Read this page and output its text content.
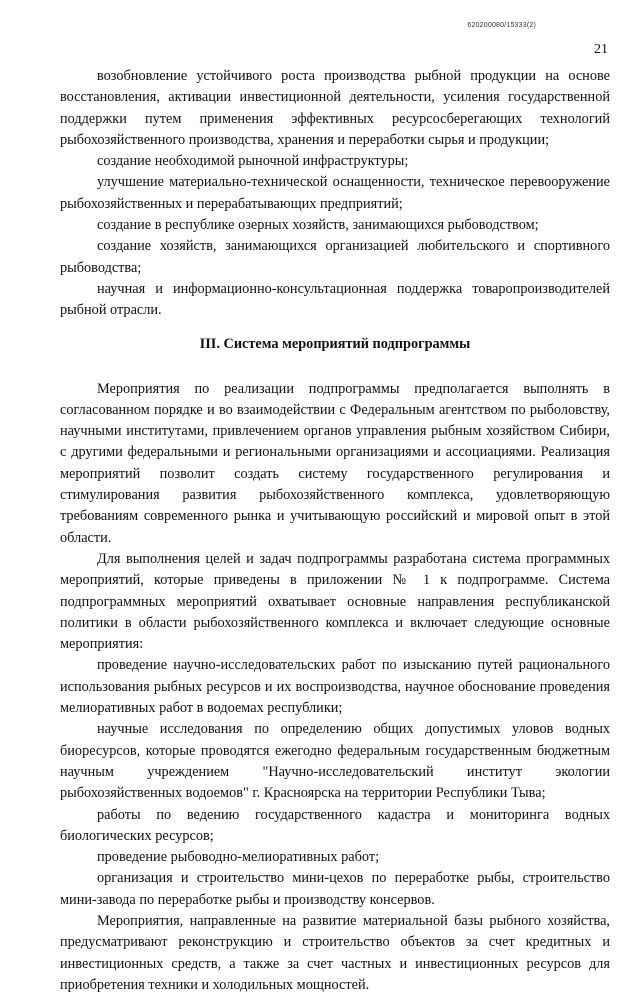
620200080/15333(2)
21

возобновление устойчивого роста производства рыбной продукции на основе восстановления, активации инвестиционной деятельности, усиления государственной поддержки путем применения эффективных ресурсосберегающих технологий рыбохозяйственного производства, хранения и переработки сырья и продукции;

создание необходимой рыночной инфраструктуры;

улучшение материально-технической оснащенности, техническое перевооружение рыбохозяйственных и перерабатывающих предприятий;

создание в республике озерных хозяйств, занимающихся рыбоводством;

создание хозяйств, занимающихся организацией любительского и спортивного рыбоводства;

научная и информационно-консультационная поддержка товаропроизводителей рыбной отрасли.

III. Система мероприятий подпрограммы

Мероприятия по реализации подпрограммы предполагается выполнять в согласованном порядке и во взаимодействии с Федеральным агентством по рыболовству, научными институтами, привлечением органов управления рыбным хозяйством Сибири, с другими федеральными и региональными организациями и ассоциациями. Реализация мероприятий позволит создать систему государственного регулирования и стимулирования развития рыбохозяйственного комплекса, удовлетворяющую требованиям современного рынка и учитывающую российский и мировой опыт в этой области.

Для выполнения целей и задач подпрограммы разработана система программных мероприятий, которые приведены в приложении № 1 к подпрограмме. Система подпрограммных мероприятий охватывает основные направления республиканской политики в области рыбохозяйственного комплекса и включает следующие основные мероприятия:

проведение научно-исследовательских работ по изысканию путей рационального использования рыбных ресурсов и их воспроизводства, научное обоснование проведения мелиоративных работ в водоемах республики;

научные исследования по определению общих допустимых уловов водных биоресурсов, которые проводятся ежегодно федеральным государственным бюджетным научным учреждением "Научно-исследовательский институт экологии рыбохозяйственных водоемов" г. Красноярска на территории Республики Тыва;

работы по ведению государственного кадастра и мониторинга водных биологических ресурсов;

проведение рыбоводно-мелиоративных работ;

организация и строительство мини-цехов по переработке рыбы, строительство мини-завода по переработке рыбы и производству консервов.

Мероприятия, направленные на развитие материальной базы рыбного хозяйства, предусматривают реконструкцию и строительство объектов за счет кредитных и инвестиционных средств, а также за счет частных и инвестиционных ресурсов для приобретения техники и холодильных мощностей.
